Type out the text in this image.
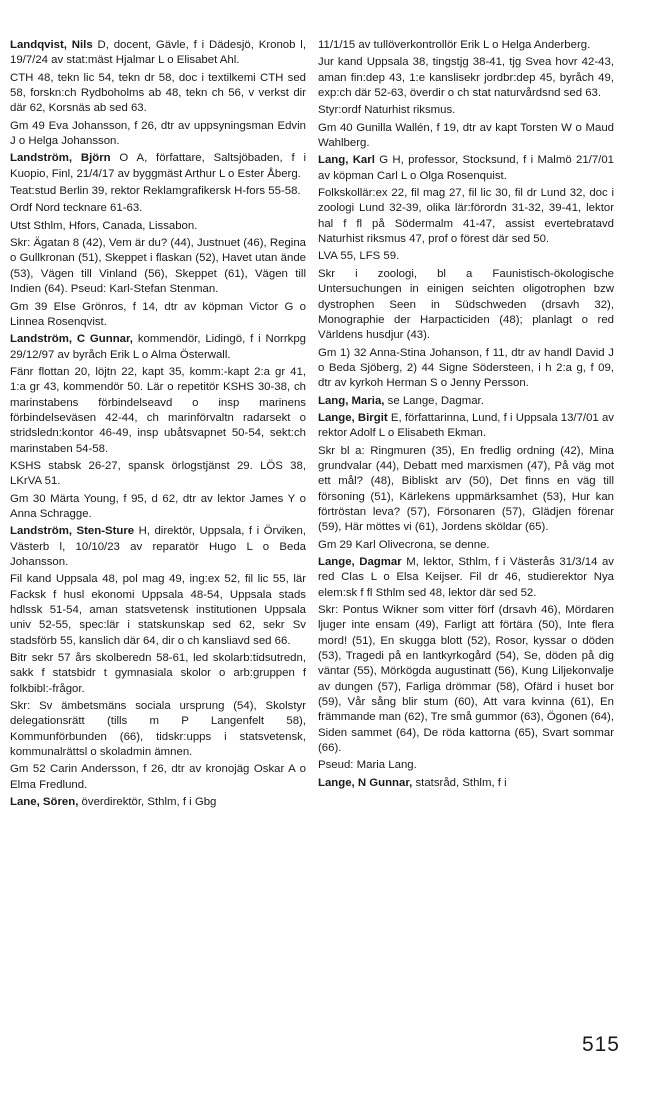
Landqvist, Nils D, docent, Gävle, f i Dädesjö, Kronob l, 19/7/24 av stat:mäst Hjalmar L o Elisabet Ahl.

CTH 48, tekn lic 54, tekn dr 58, doc i textilkemi CTH sed 58, forskn:ch Rydboholms ab 48, tekn ch 56, v verkst dir där 62, Korsnäs ab sed 63.

Gm 49 Eva Johansson, f 26, dtr av uppsyningsman Edvin J o Helga Johansson.

Landström, Björn O A, författare, Saltsjöbaden, f i Kuopio, Finl, 21/4/17 av byggmäst Arthur L o Ester Åberg.

Teat:stud Berlin 39, rektor Reklamgrafikersk H-fors 55-58.

Ordf Nord tecknare 61-63.

Utst Sthlm, Hfors, Canada, Lissabon.

Skr: Ägatan 8 (42), Vem är du? (44), Justnuet (46), Regina o Gullkronan (51), Skeppet i flaskan (52), Havet utan ände (53), Vägen till Vinland (56), Skeppet (61), Vägen till Indien (64). Pseud: Karl-Stefan Stenman.

Gm 39 Else Grönros, f 14, dtr av köpman Victor G o Linnea Rosenqvist.

Landström, C Gunnar, kommendör, Lidingö, f i Norrkpg 29/12/97 av byråch Erik L o Alma Österwall.

Fänr flottan 20, löjtn 22, kapt 35, komm:-kapt 2:a gr 41, 1:a gr 43, kommendör 50. Lär o repetitör KSHS 30-38, ch marinstabens förbindelseavd o insp marinens förbindelseväsen 42-44, ch marinförvaltn radarsekt o stridsledn:kontor 46-49, insp ubåtsvapnet 50-54, sekt:ch marinstaben 54-58.

KSHS stabsk 26-27, spansk örlogstjänst 29. LÖS 38, LKrVA 51.

Gm 30 Märta Young, f 95, d 62, dtr av lektor James Y o Anna Schragge.

Landström, Sten-Sture H, direktör, Uppsala, f i Örviken, Västerb l, 10/10/23 av reparatör Hugo L o Beda Johansson.

Fil kand Uppsala 48, pol mag 49, ing:ex 52, fil lic 55, lär Facksk f husl ekonomi Uppsala 48-54, Uppsala stads hdlssk 51-54, aman statsvetensk institutionen Uppsala univ 52-55, spec:lär i statskunskap sed 62, sekr Sv stadsförb 55, kanslich där 64, dir o ch kansliavd sed 66.

Bitr sekr 57 års skolberedn 58-61, led skolarb:tidsutredn, sakk f statsbidr t gymnasiala skolor o arb:gruppen f folkbibl:-frågor.

Skr: Sv ämbetsmäns sociala ursprung (54), Skolstyr delegationsrätt (tills m P Langenfelt 58), Kommunförbunden (66), tidskr:upps i statsvetensk, kommunalrättsl o skoladmin ämnen.

Gm 52 Carin Andersson, f 26, dtr av kronojäg Oskar A o Elma Fredlund.

Lane, Sören, överdirektör, Sthlm, f i Gbg

11/1/15 av tullöverkontrollör Erik L o Helga Anderberg.

Jur kand Uppsala 38, tingstjg 38-41, tjg Svea hovr 42-43, aman fin:dep 43, 1:e kanslisekr jordbr:dep 45, byråch 49, exp:ch där 52-63, överdir o ch stat naturvårdsnd sed 63.

Styr:ordf Naturhist riksmus.

Gm 40 Gunilla Wallén, f 19, dtr av kapt Torsten W o Maud Wahlberg.

Lang, Karl G H, professor, Stocksund, f i Malmö 21/7/01 av köpman Carl L o Olga Rosenquist.

Folkskollär:ex 22, fil mag 27, fil lic 30, fil dr Lund 32, doc i zoologi Lund 32-39, olika lär:förordn 31-32, 39-41, lektor hal f fl på Södermalm 41-47, assist evertebratavd Naturhist riksmus 47, prof o förest där sed 50.

LVA 55, LFS 59.

Skr i zoologi, bl a Faunistisch-ökologische Untersuchungen in einigen seichten oligotrophen bzw dystrophen Seen in Südschweden (drsavh 32), Monographie der Harpacticiden (48); planlagt o red Världens husdjur (43).

Gm 1) 32 Anna-Stina Johanson, f 11, dtr av handl David J o Beda Sjöberg, 2) 44 Signe Södersteen, i h 2:a g, f 09, dtr av kyrkoh Herman S o Jenny Persson.

Lang, Maria, se Lange, Dagmar.

Lange, Birgit E, författarinna, Lund, f i Uppsala 13/7/01 av rektor Adolf L o Elisabeth Ekman.

Skr bl a: Ringmuren (35), En fredlig ordning (42), Mina grundvalar (44), Debatt med marxismen (47), På väg mot ett mål? (48), Bibliskt arv (50), Det finns en väg till försoning (51), Kärlekens uppmärksamhet (53), Hur kan förtröstan leva? (57), Försonaren (57), Glädjen förenar (59), Här möttes vi (61), Jordens sköldar (65).

Gm 29 Karl Olivecrona, se denne.

Lange, Dagmar M, lektor, Sthlm, f i Västerås 31/3/14 av red Clas L o Elsa Keijser. Fil dr 46, studierektor Nya elem:sk f fl Sthlm sed 48, lektor där sed 52.

Skr: Pontus Wikner som vitter förf (drsavh 46), Mördaren ljuger inte ensam (49), Farligt att förtära (50), Inte flera mord! (51), En skugga blott (52), Rosor, kyssar o döden (53), Tragedi på en lantkyrkogård (54), Se, döden på dig väntar (55), Mörkögda augustinatt (56), Kung Liljekonvalje av dungen (57), Farliga drömmar (58), Ofärd i huset bor (59), Vår sång blir stum (60), Att vara kvinna (61), En främmande man (62), Tre små gummor (63), Ögonen (64), Siden sammet (64), De röda kattorna (65), Svart sommar (66).

Pseud: Maria Lang.

Lange, N Gunnar, statsråd, Sthlm, f i

515
